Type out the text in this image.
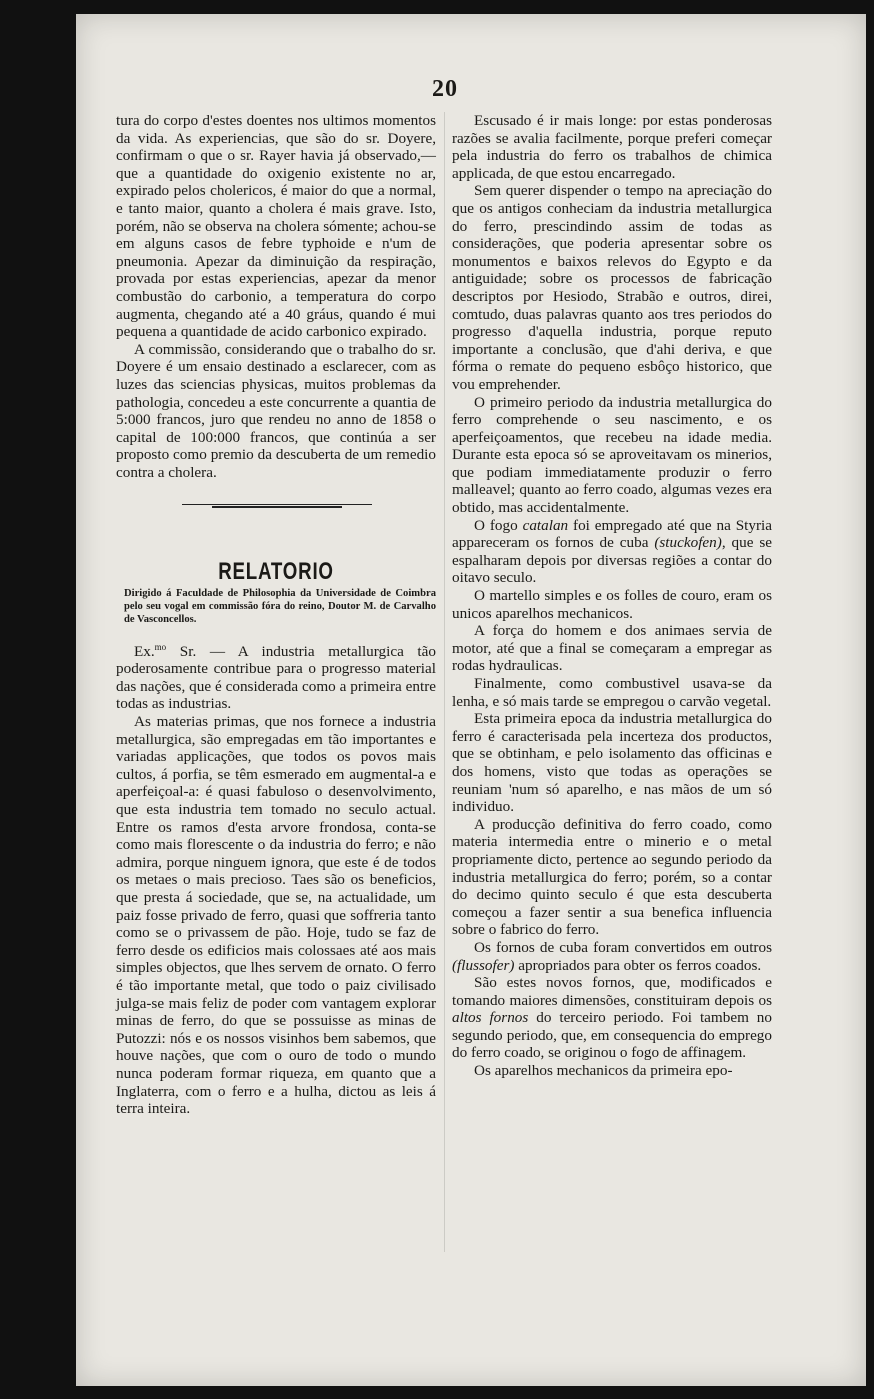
20

tura do corpo d'estes doentes nos ultimos momentos da vida. As experiencias, que são do sr. Doyere, confirmam o que o sr. Rayer havia já observado,—que a quantidade do oxigenio existente no ar, expirado pelos cholericos, é maior do que a normal, e tanto maior, quanto a cholera é mais grave. Isto, porém, não se observa na cholera sómente; achou-se em alguns casos de febre typhoide e n'um de pneumonia. Apezar da diminuição da respiração, provada por estas experiencias, apezar da menor combustão do carbonio, a temperatura do corpo augmenta, chegando até a 40 gráus, quando é mui pequena a quantidade de acido carbonico expirado.

A commissão, considerando que o trabalho do sr. Doyere é um ensaio destinado a esclarecer, com as luzes das sciencias physicas, muitos problemas da pathologia, concedeu a este concurrente a quantia de 5:000 francos, juro que rendeu no anno de 1858 o capital de 100:000 francos, que continúa a ser proposto como premio da descuberta de um remedio contra a cholera.

RELATORIO
Dirigido á Faculdade de Philosophia da Universidade de Coimbra pelo seu vogal em commissão fóra do reino, Doutor M. de Carvalho de Vasconcellos.

Ex.$^{mo}$ Sr. — A industria metallurgica tão poderosamente contribue para o progresso material das nações, que é considerada como a primeira entre todas as industrias.

As materias primas, que nos fornece a industria metallurgica, são empregadas em tão importantes e variadas applicações, que todos os povos mais cultos, á porfia, se têm esmerado em augmental-a e aperfeiçoal-a: é quasi fabuloso o desenvolvimento, que esta industria tem tomado no seculo actual. Entre os ramos d'esta arvore frondosa, conta-se como mais florescente o da industria do ferro; e não admira, porque ninguem ignora, que este é de todos os metaes o mais precioso. Taes são os beneficios, que presta á sociedade, que se, na actualidade, um paiz fosse privado de ferro, quasi que soffreria tanto como se o privassem de pão. Hoje, tudo se faz de ferro desde os edificios mais colossaes até aos mais simples objectos, que lhes servem de ornato. O ferro é tão importante metal, que todo o paiz civilisado julga-se mais feliz de poder com vantagem explorar minas de ferro, do que se possuisse as minas de Putozzi: nós e os nossos visinhos bem sabemos, que houve nações, que com o ouro de todo o mundo nunca poderam formar riqueza, em quanto que a Inglaterra, com o ferro e a hulha, dictou as leis á terra inteira.

Escusado é ir mais longe: por estas ponderosas razões se avalia facilmente, porque preferi começar pela industria do ferro os trabalhos de chimica applicada, de que estou encarregado.

Sem querer dispender o tempo na apreciação do que os antigos conheciam da industria metallurgica do ferro, prescindindo assim de todas as considerações, que poderia apresentar sobre os monumentos e baixos relevos do Egypto e da antiguidade; sobre os processos de fabricação descriptos por Hesiodo, Strabão e outros, direi, comtudo, duas palavras quanto aos tres periodos do progresso d'aquella industria, porque reputo importante a conclusão, que d'ahi deriva, e que fórma o remate do pequeno esbôço historico, que vou emprehender.

O primeiro periodo da industria metallurgica do ferro comprehende o seu nascimento, e os aperfeiçoamentos, que recebeu na idade media. Durante esta epoca só se aproveitavam os minerios, que podiam immediatamente produzir o ferro malleavel; quanto ao ferro coado, algumas vezes era obtido, mas accidentalmente.

O fogo catalan foi empregado até que na Styria appareceram os fornos de cuba (stuckofen), que se espalharam depois por diversas regiões a contar do oitavo seculo.

O martello simples e os folles de couro, eram os unicos aparelhos mechanicos.

A força do homem e dos animaes servia de motor, até que a final se começaram a empregar as rodas hydraulicas.

Finalmente, como combustivel usava-se da lenha, e só mais tarde se empregou o carvão vegetal.

Esta primeira epoca da industria metallurgica do ferro é caracterisada pela incerteza dos productos, que se obtinham, e pelo isolamento das officinas e dos homens, visto que todas as operações se reuniam 'num só aparelho, e nas mãos de um só individuo.

A producção definitiva do ferro coado, como materia intermedia entre o minerio e o metal propriamente dicto, pertence ao segundo periodo da industria metallurgica do ferro; porém, so a contar do decimo quinto seculo é que esta descuberta começou a fazer sentir a sua benefica influencia sobre o fabrico do ferro.

Os fornos de cuba foram convertidos em outros (flussofer) apropriados para obter os ferros coados.

São estes novos fornos, que, modificados e tomando maiores dimensões, constituiram depois os altos fornos do terceiro periodo. Foi tambem no segundo periodo, que, em consequencia do emprego do ferro coado, se originou o fogo de affinagem.

Os aparelhos mechanicos da primeira epo-
